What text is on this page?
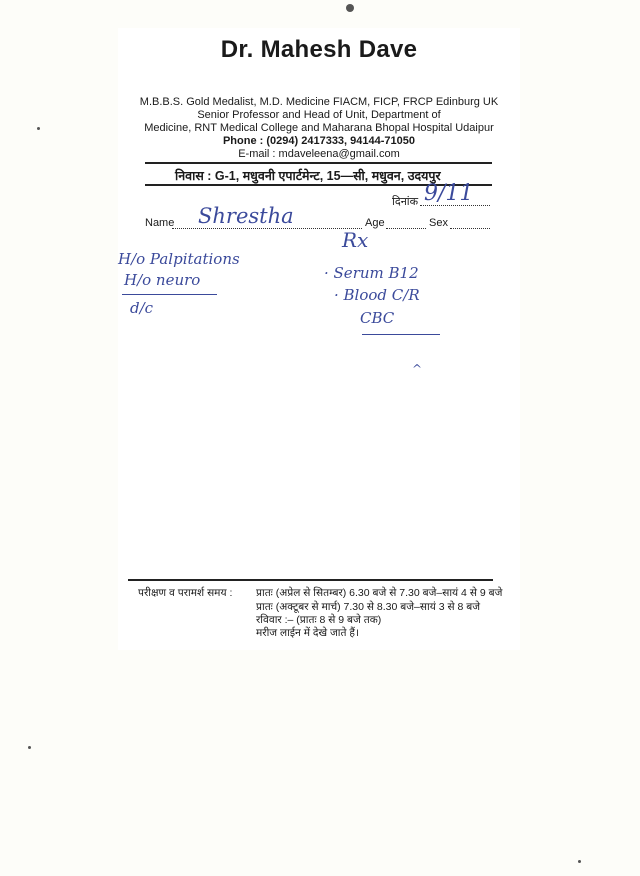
Dr. Mahesh Dave
M.B.B.S. Gold Medalist, M.D. Medicine FIACM, FICP, FRCP Edinburg UK
Senior Professor and Head of Unit, Department of
Medicine, RNT Medical College and Maharana Bhopal Hospital Udaipur
Phone : (0294) 2417333, 94144-71050
E-mail : mdaveleena@gmail.com
निवास : G-1, मधुवनी एपार्टमेन्ट, 15—सी, मधुवन, उदयपुर
दिनांक 9/11
Name Shrestha	Age	Sex
Rx
H/o Palpitations
H/o neuro
d/c
· Serum B12
· Blood C/R
CBC
^
परीक्षण व परामर्श समय : प्रातः (अप्रेल से सितम्बर) 6.30 बजे से 7.30 बजे–सायं 4 से 9 बजे
प्रातः (अक्टूबर से मार्च) 7.30 से 8.30 बजे–सायं 3 से 8 बजे
रविवार :– (प्रातः 8 से 9 बजे तक)
मरीज लाईन में देखे जाते हैं।
